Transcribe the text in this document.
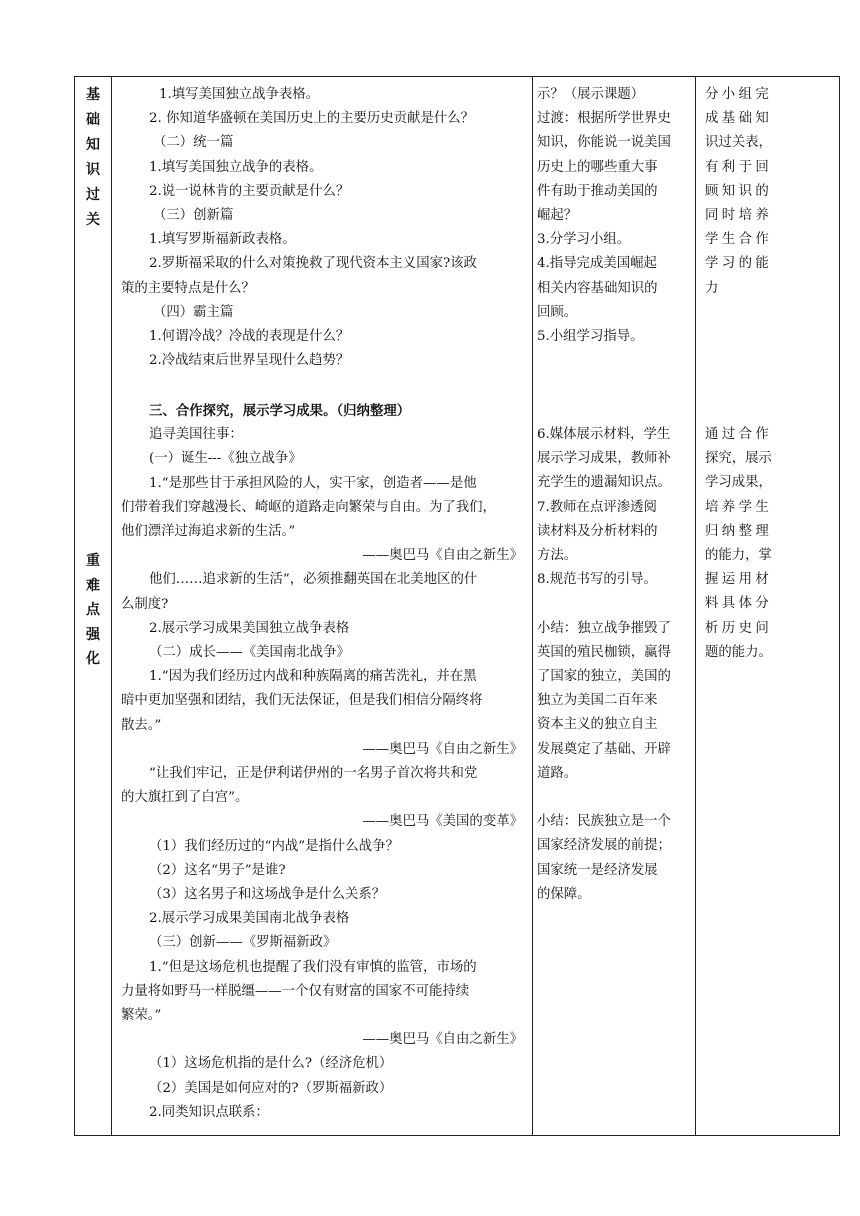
基
础
知
识
过
关

1.填写美国独立战争表格。

2. 你知道华盛顿在美国历史上的主要历史贡献是什么？

（二）统一篇

1.填写美国独立战争的表格。

2.说一说林肯的主要贡献是什么？

（三）创新篇

1.填写罗斯福新政表格。

2.罗斯福采取的什么对策挽救了现代资本主义国家?该政

策的主要特点是什么？

（四）霸主篇

1.何谓冷战？冷战的表现是什么？

2.冷战结束后世界呈现什么趋势？

示？（展示课题）

过渡：根据所学世界史

知识，你能说一说美国

历史上的哪些重大事

件有助于推动美国的

崛起？

3.分学习小组。

4.指导完成美国崛起

相关内容基础知识的

回顾。

5.小组学习指导。

分小组完

成基础知

识过关表，

有利于回

顾知识的

同时培养

学生合作

学习的能

力

重
难
点
强
化

三、合作探究，展示学习成果。（归纳整理）

追寻美国往事：

(一）诞生---《独立战争》

1.“是那些甘于承担风险的人，实干家，创造者——是他

们带着我们穿越漫长、崎岖的道路走向繁荣与自由。为了我们，

他们漂洋过海追求新的生活。”

——奥巴马《自由之新生》

他们……追求新的生活”，必须推翻英国在北美地区的什

么制度?

2.展示学习成果美国独立战争表格

（二）成长——《美国南北战争》

1.“因为我们经历过内战和种族隔离的痛苦洗礼，并在黑

暗中更加坚强和团结，我们无法保证，但是我们相信分隔终将

散去。”

——奥巴马《自由之新生》

“让我们牢记，正是伊利诺伊州的一名男子首次将共和党

的大旗扛到了白宫”。

——奥巴马《美国的变革》

（1）我们经历过的“内战”是指什么战争？

（2）这名“男子”是谁?

（3）这名男子和这场战争是什么关系？

2.展示学习成果美国南北战争表格

（三）创新——《罗斯福新政》

1.“但是这场危机也提醒了我们没有审慎的监管，市场的

力量将如野马一样脱缰——一个仅有财富的国家不可能持续

繁荣。”

——奥巴马《自由之新生》

（1）这场危机指的是什么?（经济危机）

（2）美国是如何应对的?（罗斯福新政）

2.同类知识点联系：

6.媒体展示材料，学生

展示学习成果，教师补

充学生的遗漏知识点。

7.教师在点评渗透阅

读材料及分析材料的

方法。

8.规范书写的引导。

小结：独立战争摧毁了

英国的殖民枷锁，赢得

了国家的独立，美国的

独立为美国二百年来

资本主义的独立自主

发展奠定了基础、开辟

道路。

小结：民族独立是一个

国家经济发展的前提；

国家统一是经济发展

的保障。

通过合作

探究，展示

学习成果，

培养学生

归纳整理

的能力，掌

握运用材

料具体分

析历史问

题的能力。
